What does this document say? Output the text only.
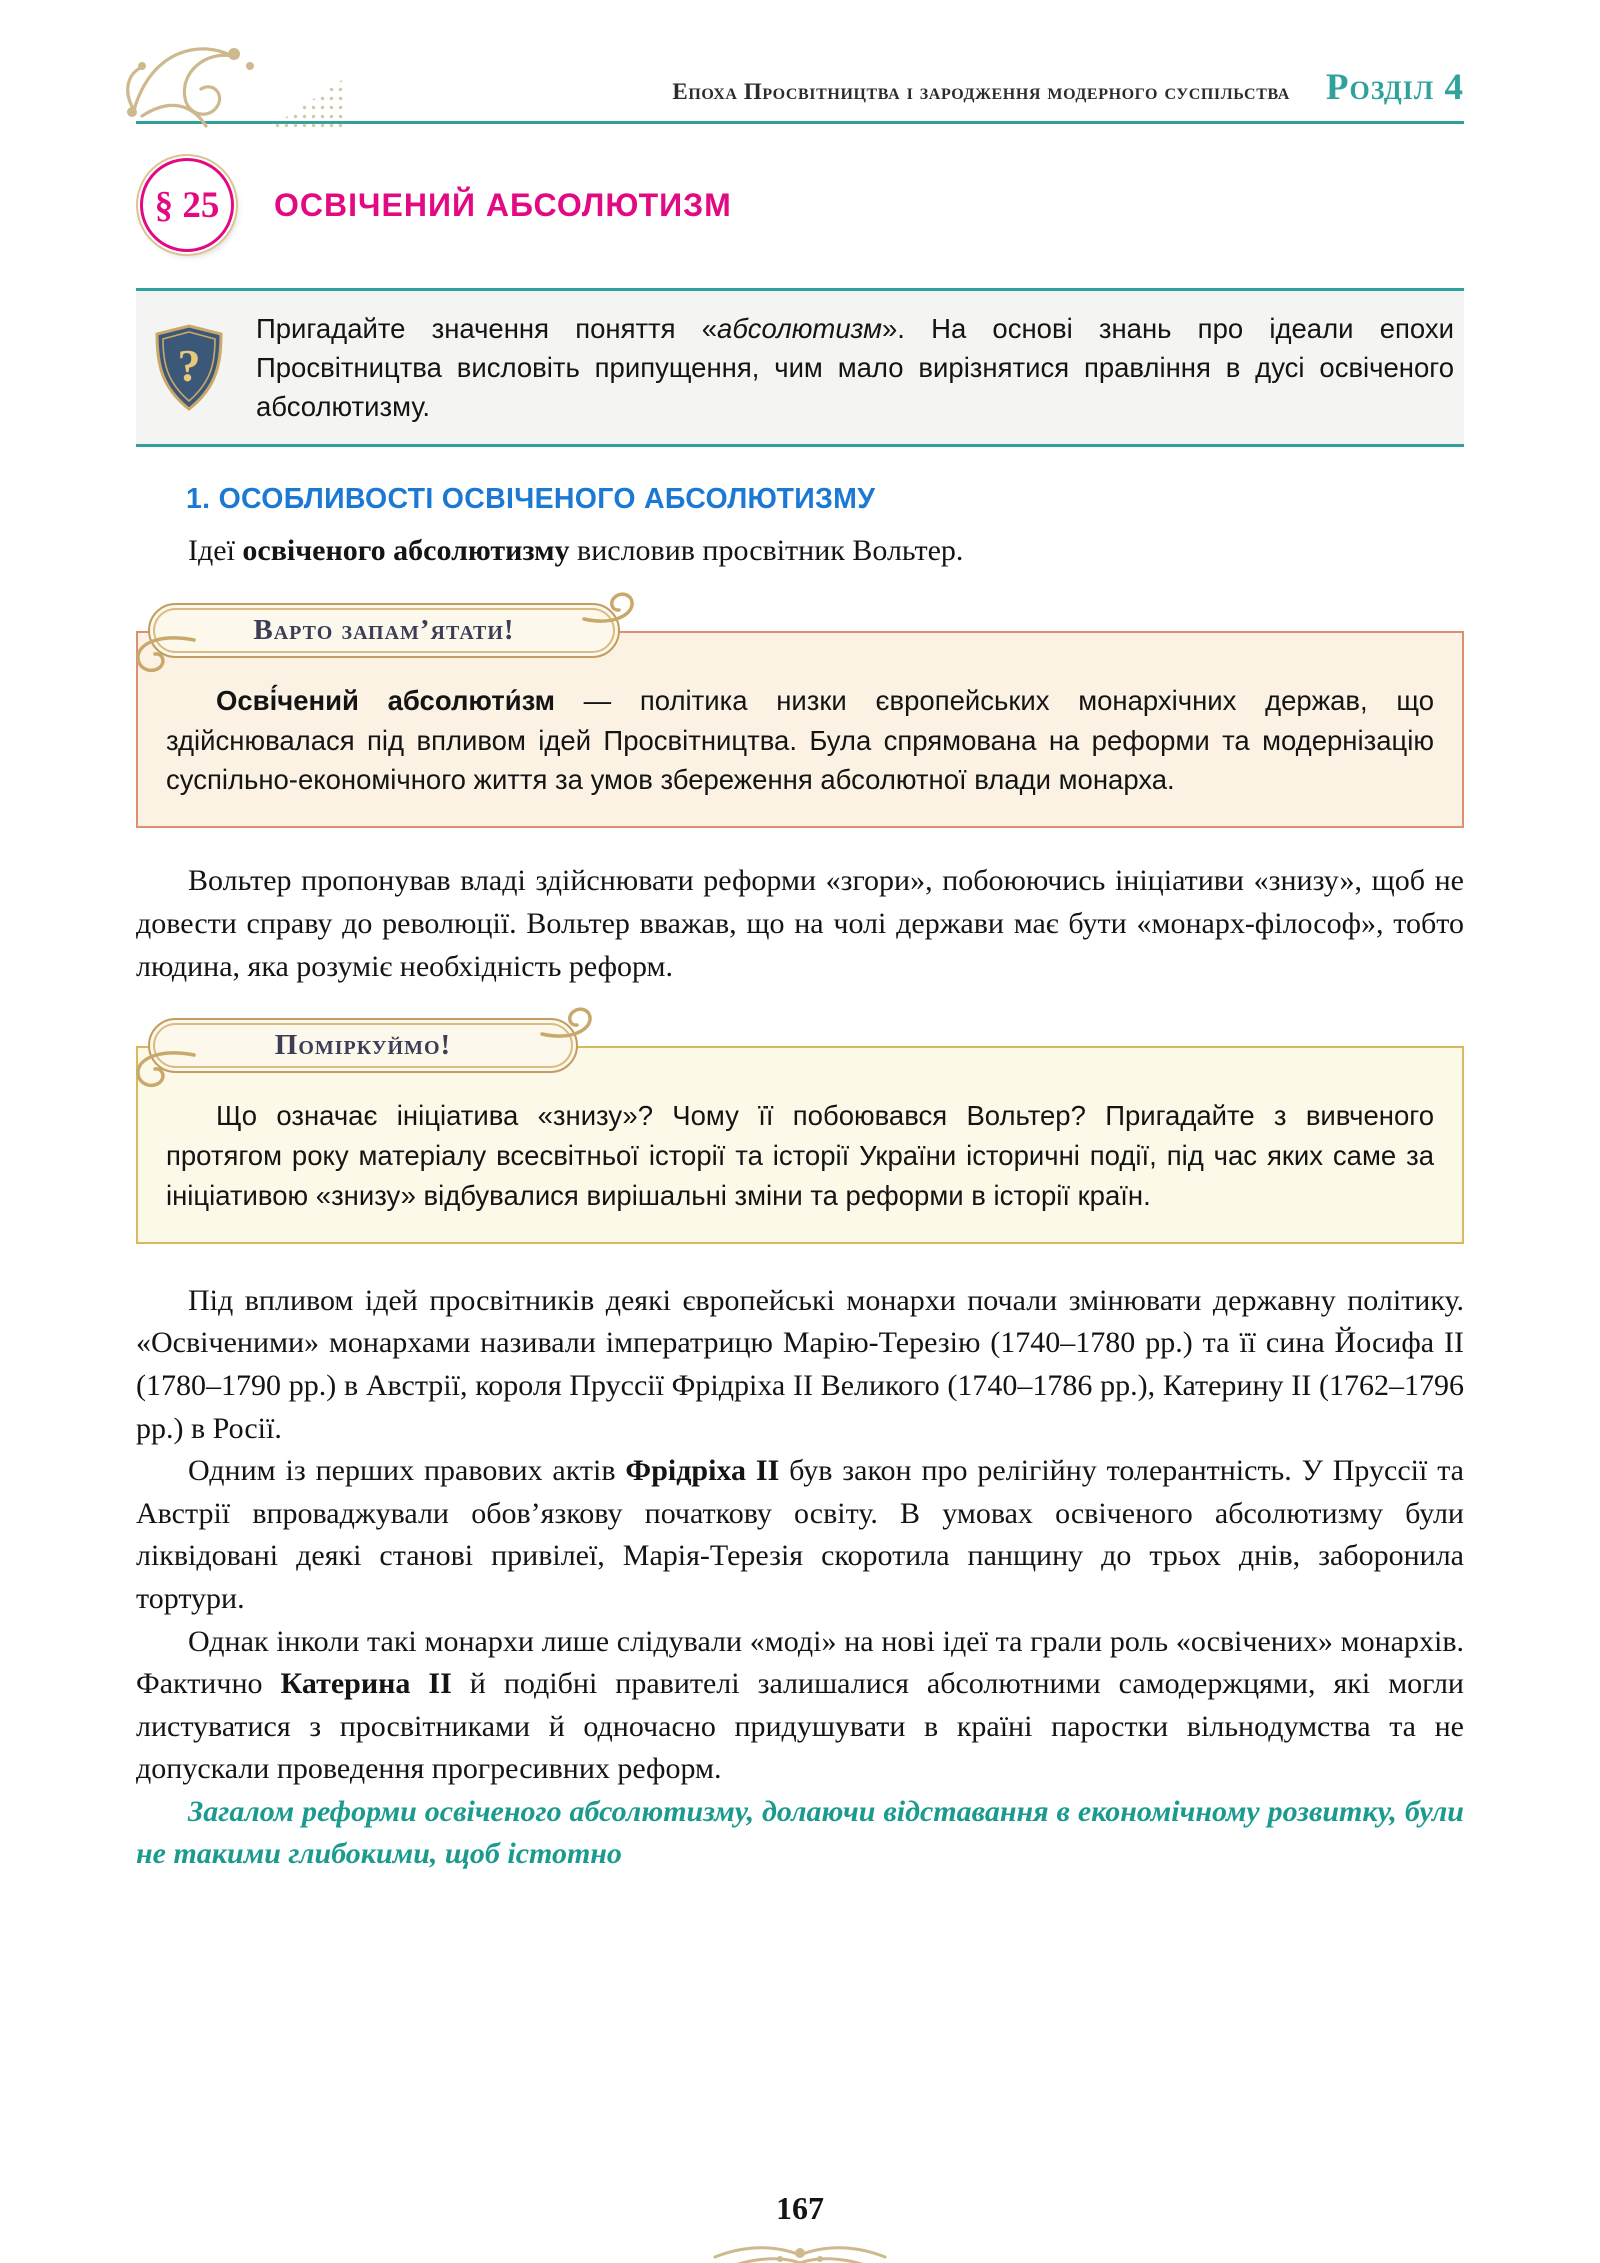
Епоха Просвітництва і зародження модерного суспільства Розділ 4
§ 25 ОСВІЧЕНИЙ АБСОЛЮТИЗМ
?

Пригадайте значення поняття «абсолютизм». На основі знань про ідеали епохи Просвітництва висловіть припущення, чим мало вирізнятися правління в дусі освіченого абсолютизму.

1. ОСОБЛИВОСТІ ОСВІЧЕНОГО АБСОЛЮТИЗМУ

Ідеї освіченого абсолютизму висловив просвітник Вольтер.

Варто запам’ятати!

Осві́чений абсолюти́зм — політика низки європейських монархічних держав, що здійснювалася під впливом ідей Просвітництва. Була спрямована на реформи та модернізацію суспільно-економічного життя за умов збереження абсолютної влади монарха.

Вольтер пропонував владі здійснювати реформи «згори», побоюючись ініціативи «знизу», щоб не довести справу до революції. Вольтер вважав, що на чолі держави має бути «монарх-філософ», тобто людина, яка розуміє необхідність реформ.

Поміркуймо!

Що означає ініціатива «знизу»? Чому її побоювався Вольтер? Пригадайте з вивченого протягом року матеріалу всесвітньої історії та історії України історичні події, під час яких саме за ініціативою «знизу» відбувалися вирішальні зміни та реформи в історії країн.

Під впливом ідей просвітників деякі європейські монархи почали змінювати державну політику. «Освіченими» монархами називали імператрицю Марію-Терезію (1740–1780 рр.) та її сина Йосифа II (1780–1790 рр.) в Австрії, короля Пруссії Фрідріха II Великого (1740–1786 рр.), Катерину II (1762–1796 рр.) в Росії.

Одним із перших правових актів Фрідріха II був закон про релігійну толерантність. У Пруссії та Австрії впроваджували обов’язкову початкову освіту. В умовах освіченого абсолютизму були ліквідовані деякі станові привілеї, Марія-Терезія скоротила панщину до трьох днів, заборонила тортури.

Однак інколи такі монархи лише слідували «моді» на нові ідеї та грали роль «освічених» монархів. Фактично Катерина II й подібні правителі залишалися абсолютними самодержцями, які могли листуватися з просвітниками й одночасно придушувати в країні паростки вільнодумства та не допускали проведення прогресивних реформ.

Загалом реформи освіченого абсолютизму, долаючи відставання в економічному розвитку, були не такими глибокими, щоб істотно

167
